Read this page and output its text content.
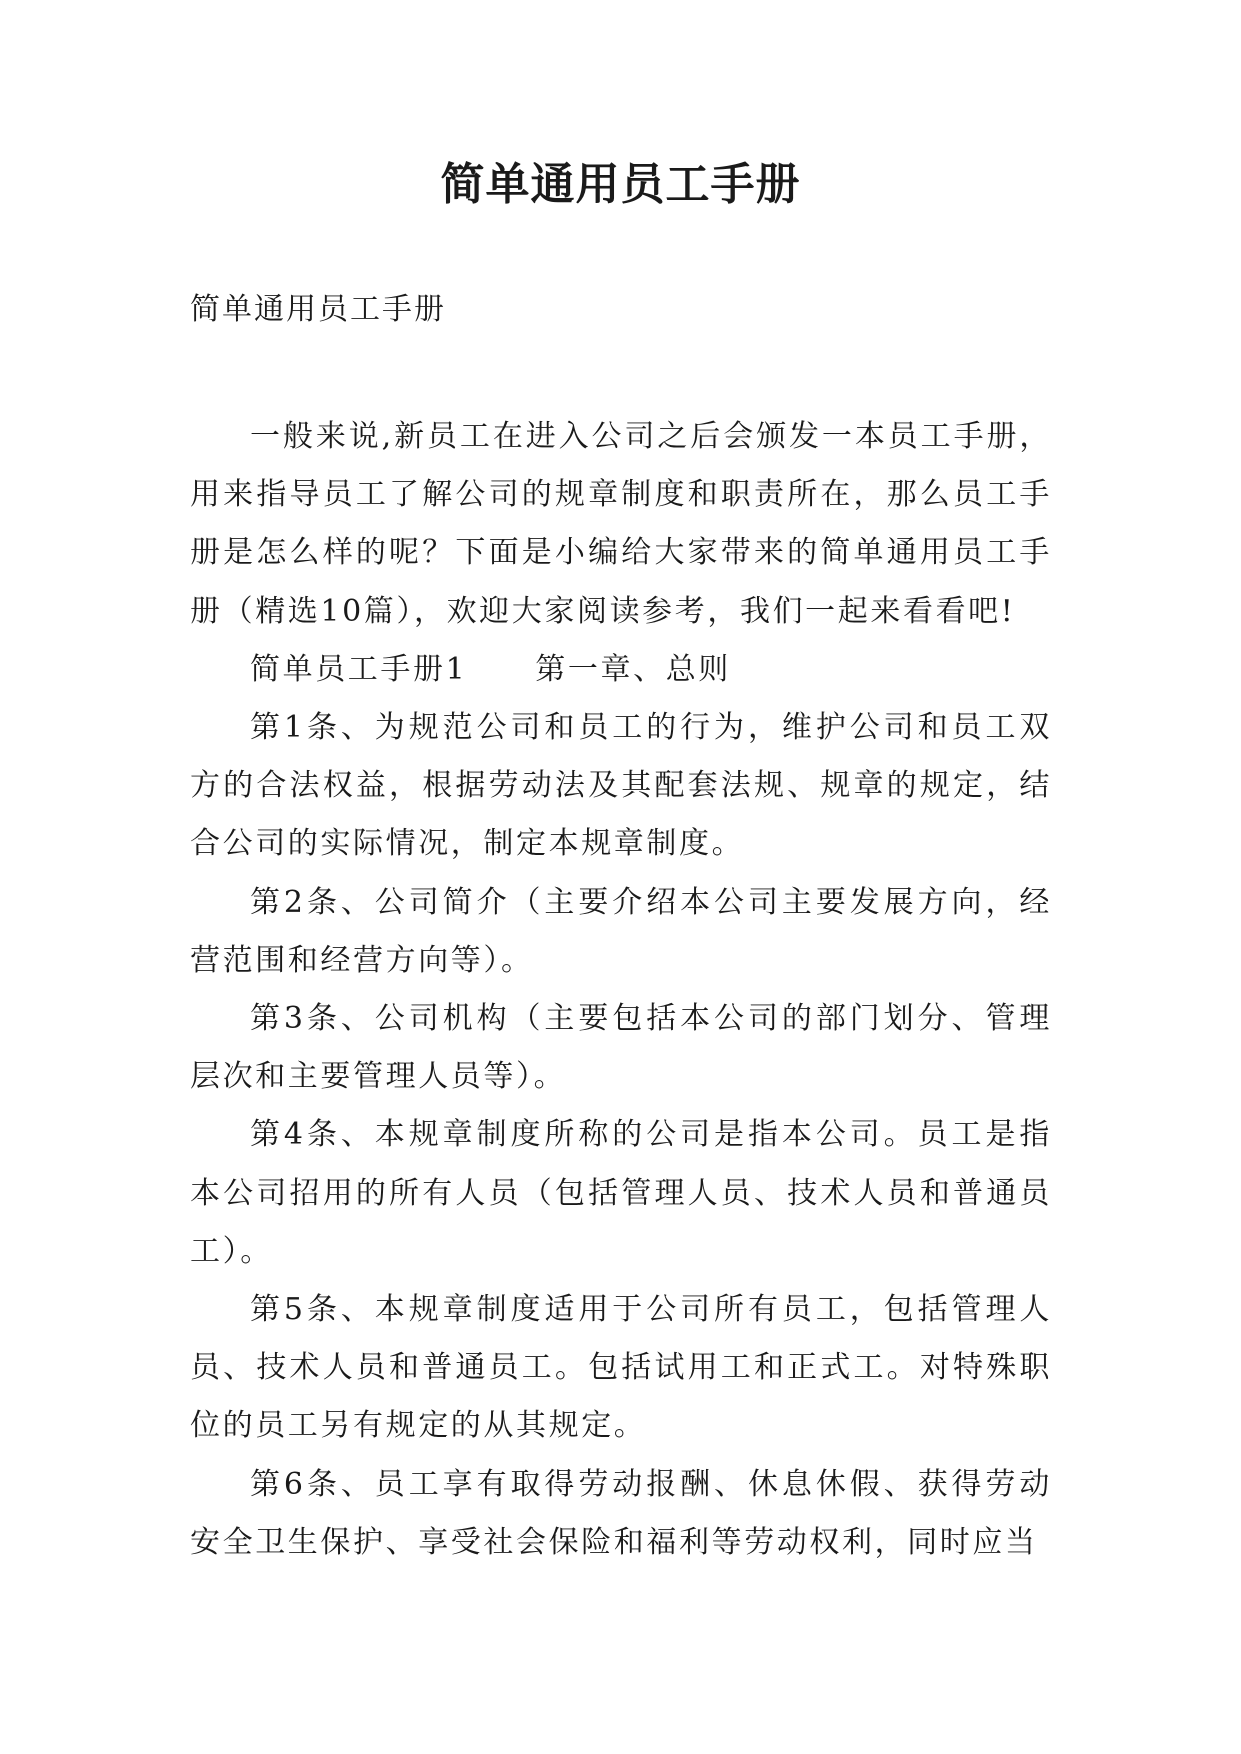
简单通用员工手册

简单通用员工手册

一般来说,新员工在进入公司之后会颁发一本员工手册，用来指导员工了解公司的规章制度和职责所在，那么员工手册是怎么样的呢？下面是小编给大家带来的简单通用员工手册（精选10篇），欢迎大家阅读参考，我们一起来看看吧!

简单员工手册1 第一章、总则

第1条、为规范公司和员工的行为，维护公司和员工双方的合法权益，根据劳动法及其配套法规、规章的规定，结合公司的实际情况，制定本规章制度。

第2条、公司简介（主要介绍本公司主要发展方向，经营范围和经营方向等）。

第3条、公司机构（主要包括本公司的部门划分、管理层次和主要管理人员等）。

第4条、本规章制度所称的公司是指本公司。员工是指本公司招用的所有人员（包括管理人员、技术人员和普通员工）。

第5条、本规章制度适用于公司所有员工，包括管理人员、技术人员和普通员工。包括试用工和正式工。对特殊职位的员工另有规定的从其规定。

第6条、员工享有取得劳动报酬、休息休假、获得劳动安全卫生保护、享受社会保险和福利等劳动权利，同时应当
